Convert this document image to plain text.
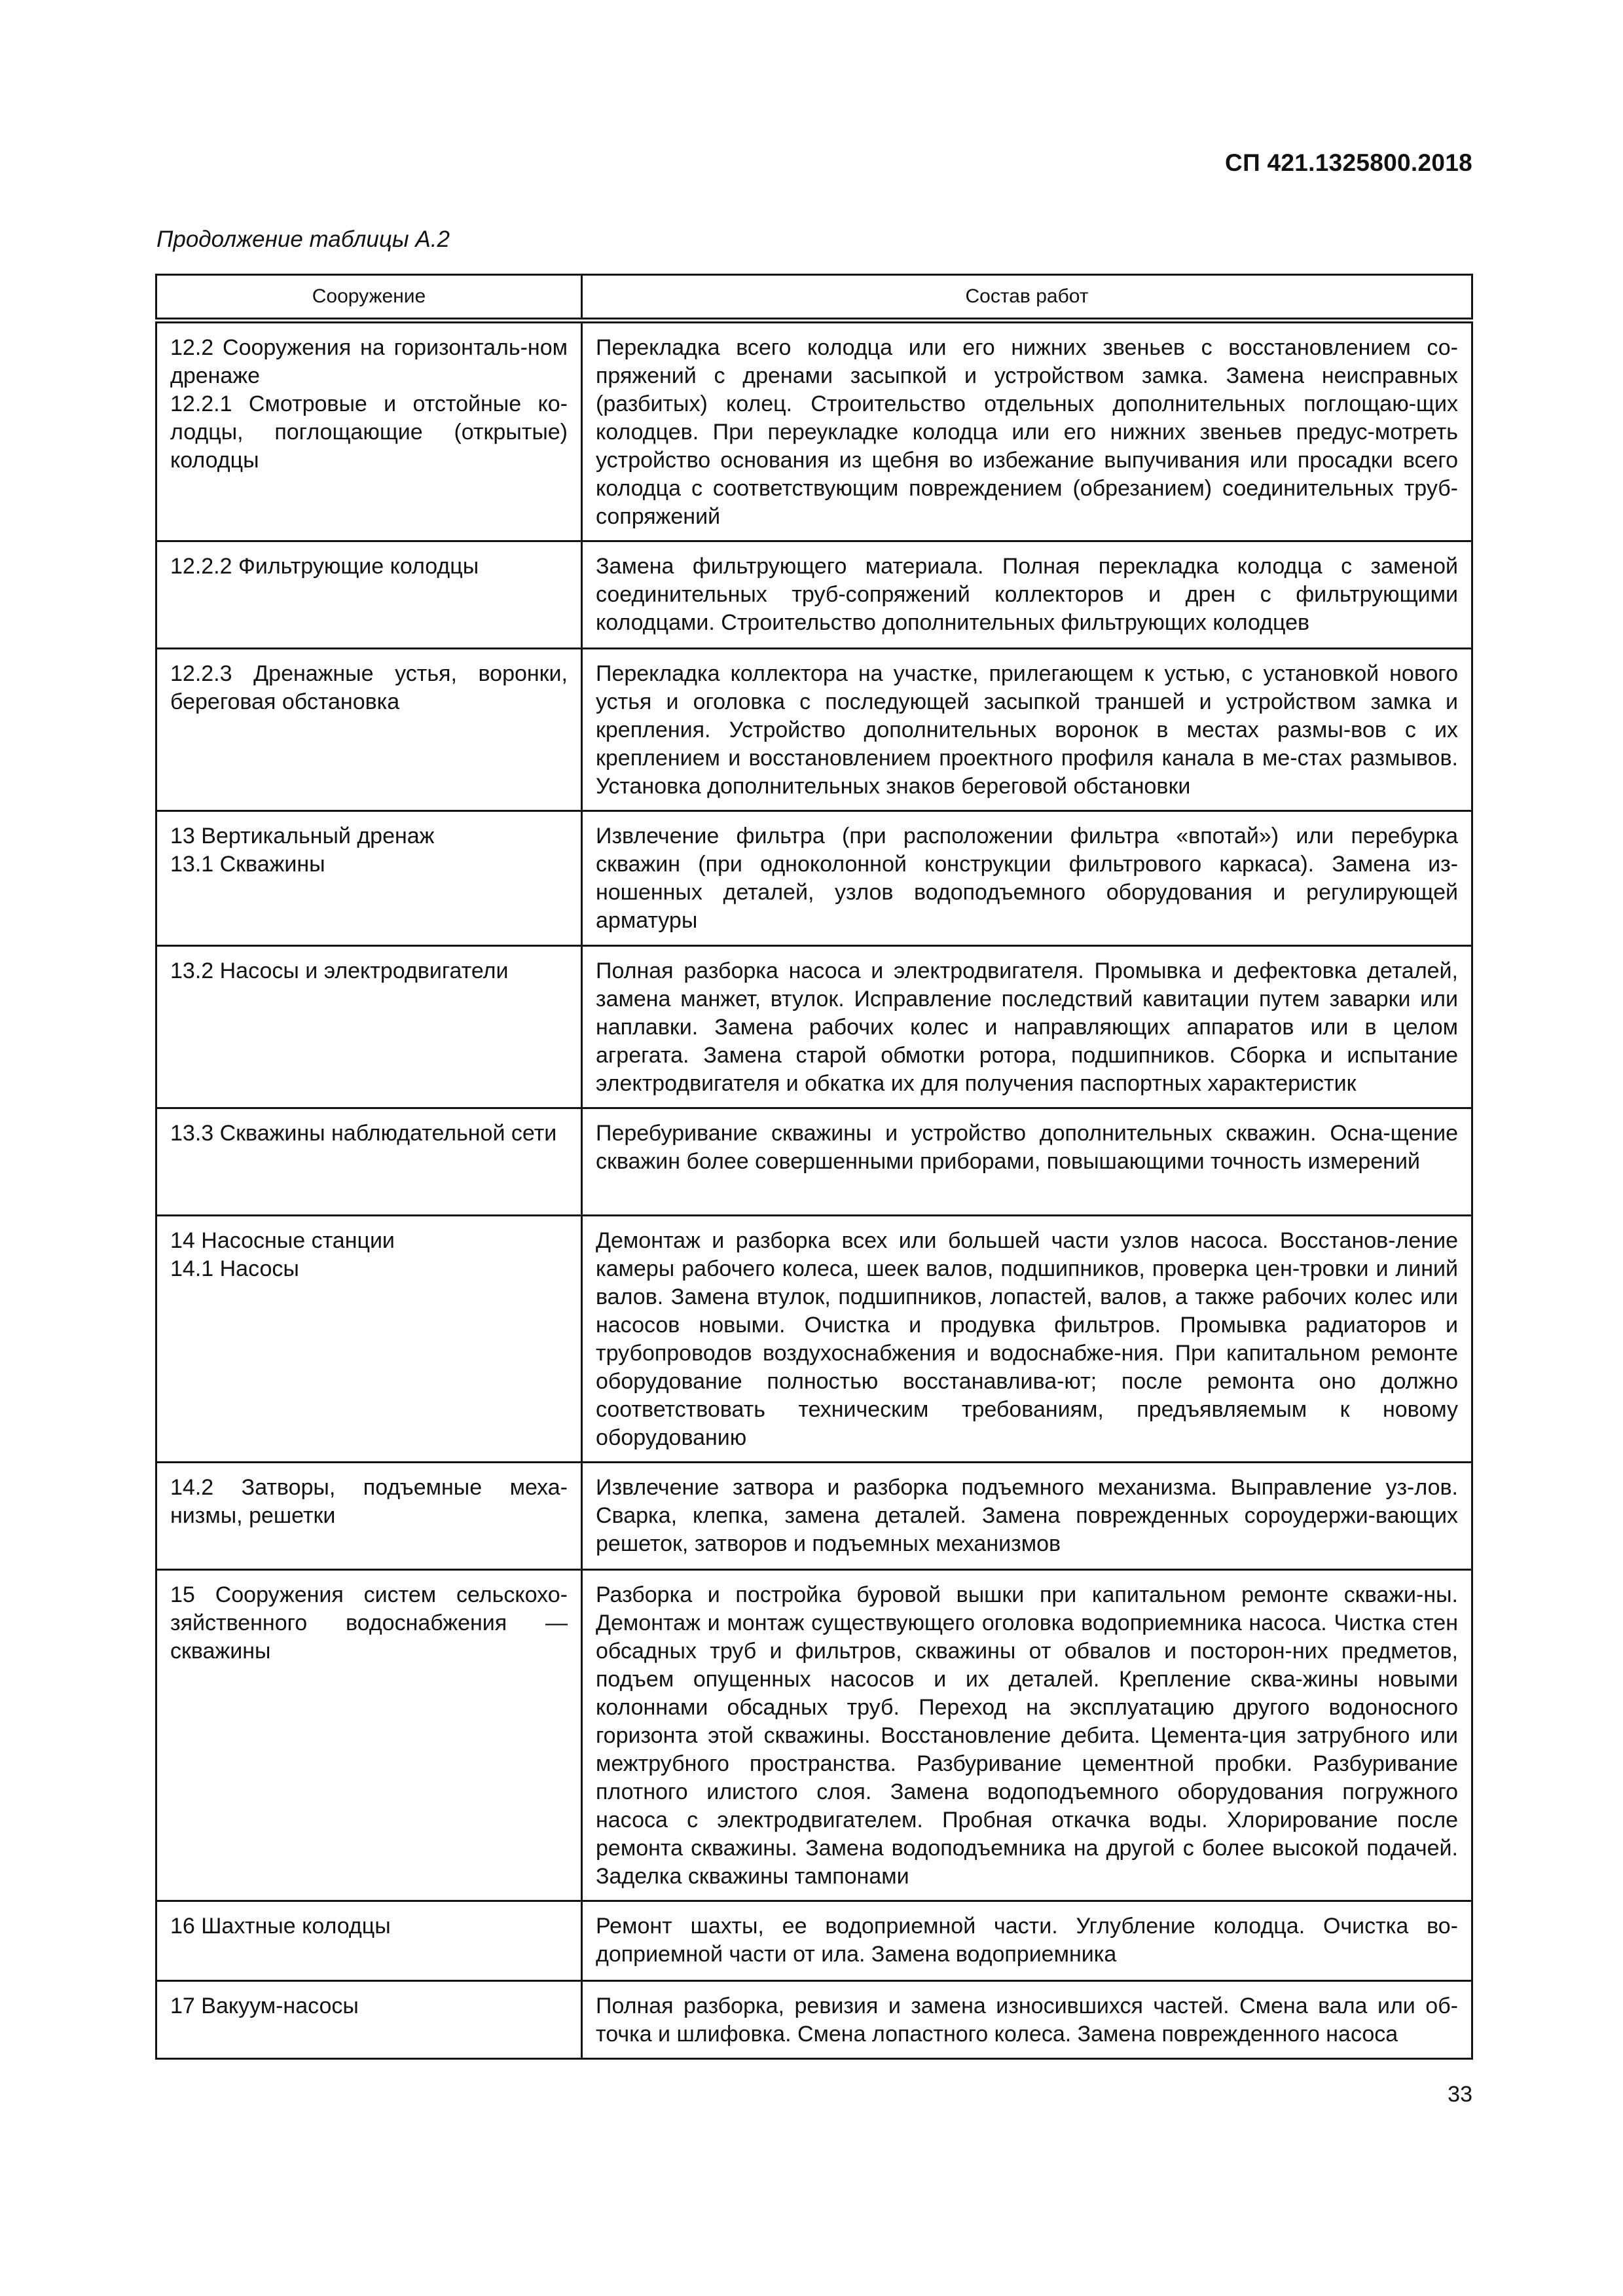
СП 421.1325800.2018
Продолжение таблицы А.2
Сооружение	Состав работ

12.2 Сооружения на горизонталь-ном дренаже
12.2.1 Смотровые и отстойные ко-лодцы, поглощающие (открытые) колодцы	Перекладка всего колодца или его нижних звеньев с восстановлением со-пряжений с дренами засыпкой и устройством замка. Замена неисправных (разбитых) колец. Строительство отдельных дополнительных поглощаю-щих колодцев. При переукладке колодца или его нижних звеньев предус-мотреть устройство основания из щебня во избежание выпучивания или просадки всего колодца с соответствующим повреждением (обрезанием) соединительных труб-сопряжений

12.2.2 Фильтрующие колодцы	Замена фильтрующего материала. Полная перекладка колодца с заменой соединительных труб-сопряжений коллекторов и дрен с фильтрующими колодцами. Строительство дополнительных фильтрующих колодцев

12.2.3 Дренажные устья, воронки, береговая обстановка	Перекладка коллектора на участке, прилегающем к устью, с установкой нового устья и оголовка с последующей засыпкой траншей и устройством замка и крепления. Устройство дополнительных воронок в местах размы-вов с их креплением и восстановлением проектного профиля канала в ме-стах размывов. Установка дополнительных знаков береговой обстановки

13 Вертикальный дренаж
13.1 Скважины	Извлечение фильтра (при расположении фильтра «впотай») или перебурка скважин (при одноколонной конструкции фильтрового каркаса). Замена из-ношенных деталей, узлов водоподъемного оборудования и регулирующей арматуры

13.2 Насосы и электродвигатели	Полная разборка насоса и электродвигателя. Промывка и дефектовка деталей, замена манжет, втулок. Исправление последствий кавитации путем заварки или наплавки. Замена рабочих колес и направляющих аппаратов или в целом агрегата. Замена старой обмотки ротора, подшипников. Сборка и испытание электродвигателя и обкатка их для получения паспортных характеристик

13.3 Скважины наблюдательной сети	Перебуривание скважины и устройство дополнительных скважин. Осна-щение скважин более совершенными приборами, повышающими точность измерений

14 Насосные станции
14.1 Насосы	Демонтаж и разборка всех или большей части узлов насоса. Восстанов-ление камеры рабочего колеса, шеек валов, подшипников, проверка цен-тровки и линий валов. Замена втулок, подшипников, лопастей, валов, а также рабочих колес или насосов новыми. Очистка и продувка фильтров. Промывка радиаторов и трубопроводов воздухоснабжения и водоснабже-ния. При капитальном ремонте оборудование полностью восстанавлива-ют; после ремонта оно должно соответствовать техническим требованиям, предъявляемым к новому оборудованию

14.2 Затворы, подъемные меха-низмы, решетки	Извлечение затвора и разборка подъемного механизма. Выправление уз-лов. Сварка, клепка, замена деталей. Замена поврежденных сороудержи-вающих решеток, затворов и подъемных механизмов

15 Сооружения систем сельскохо-зяйственного водоснабжения — скважины	Разборка и постройка буровой вышки при капитальном ремонте скважи-ны. Демонтаж и монтаж существующего оголовка водоприемника насоса. Чистка стен обсадных труб и фильтров, скважины от обвалов и посторон-них предметов, подъем опущенных насосов и их деталей. Крепление сква-жины новыми колоннами обсадных труб. Переход на эксплуатацию другого водоносного горизонта этой скважины. Восстановление дебита. Цемента-ция затрубного или межтрубного пространства. Разбуривание цементной пробки. Разбуривание плотного илистого слоя. Замена водоподъемного оборудования погружного насоса с электродвигателем. Пробная откачка воды. Хлорирование после ремонта скважины. Замена водоподъемника на другой с более высокой подачей. Заделка скважины тампонами

16 Шахтные колодцы	Ремонт шахты, ее водоприемной части. Углубление колодца. Очистка во-доприемной части от ила. Замена водоприемника

17 Вакуум-насосы	Полная разборка, ревизия и замена износившихся частей. Смена вала или об-точка и шлифовка. Смена лопастного колеса. Замена поврежденного насоса
33
